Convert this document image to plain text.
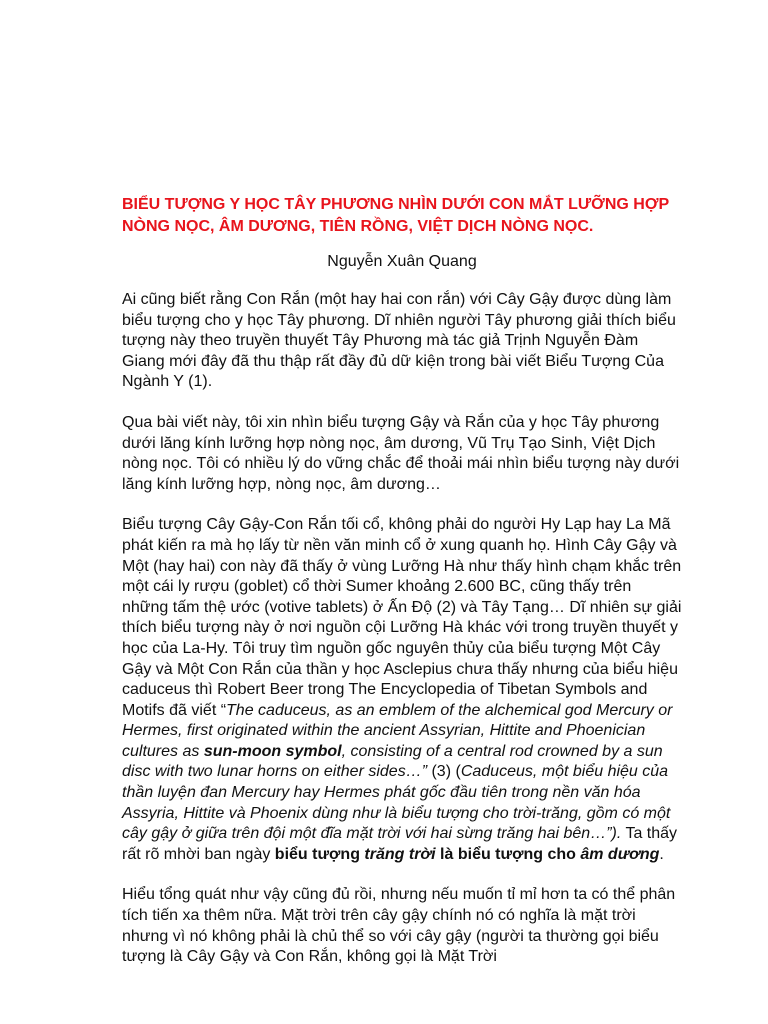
BIỂU TƯỢNG Y HỌC TÂY PHƯƠNG NHÌN DƯỚI CON MẮT LƯỠNG HỢP NÒNG NỌC, ÂM DƯƠNG, TIÊN RỒNG, VIỆT DỊCH NÒNG NỌC.
Nguyễn Xuân Quang
Ai cũng biết rằng Con Rắn (một hay hai con rắn) với Cây Gậy được dùng làm biểu tượng cho y học Tây phương. Dĩ nhiên người Tây phương giải thích biểu tượng này theo truyền thuyết Tây Phương mà tác giả Trịnh Nguyễn Đàm Giang mới đây đã thu thập rất đầy đủ dữ kiện trong bài viết Biểu Tượng Của Ngành Y (1).
Qua bài viết này, tôi xin nhìn biểu tượng Gậy và Rắn của y học Tây phương dưới lăng kính lưỡng hợp nòng nọc, âm dương, Vũ Trụ Tạo Sinh, Việt Dịch nòng nọc. Tôi có nhiều lý do vững chắc để thoải mái nhìn biểu tượng này dưới lăng kính lưỡng hợp, nòng nọc, âm dương…
Biểu tượng Cây Gậy-Con Rắn tối cổ, không phải do người Hy Lạp hay La Mã phát kiến ra mà họ lấy từ nền văn minh cổ ở xung quanh họ. Hình Cây Gậy và Một (hay hai) con này đã thấy ở vùng Lưỡng Hà như thấy hình chạm khắc trên một cái ly rượu (goblet) cổ thời Sumer khoảng 2.600 BC, cũng thấy trên những tấm thệ ước (votive tablets) ở Ấn Độ (2) và Tây Tạng… Dĩ nhiên sự giải thích biểu tượng này ở nơi nguồn cội Lưỡng Hà khác với trong truyền thuyết y học của La-Hy. Tôi truy tìm nguồn gốc nguyên thủy của biểu tượng Một Cây Gậy và Một Con Rắn của thần y học Asclepius chưa thấy nhưng của biểu hiệu caduceus thì Robert Beer trong The Encyclopedia of Tibetan Symbols and Motifs đã viết “The caduceus, as an emblem of the alchemical god Mercury or Hermes, first originated within the ancient Assyrian, Hittite and Phoenician cultures as sun-moon symbol, consisting of a central rod crowned by a sun disc with two lunar horns on either sides…” (3) (Caduceus, một biểu hiệu của thần luyện đan Mercury hay Hermes phát gốc đầu tiên trong nền văn hóa Assyria, Hittite và Phoenix dùng như là biểu tượng cho trời-trăng, gồm có một cây gậy ở giữa trên đội một đĩa mặt trời với hai sừng trăng hai bên…”). Ta thấy rất rõ mhời ban ngày biểu tượng trăng trời là biểu tượng cho âm dương.
Hiểu tổng quát như vậy cũng đủ rồi, nhưng nếu muốn tỉ mỉ hơn ta có thể phân tích tiến xa thêm nữa. Mặt trời trên cây gậy chính nó có nghĩa là mặt trời nhưng vì nó không phải là chủ thể so với cây gậy (người ta thường gọi biểu tượng là Cây Gậy và Con Rắn, không gọi là Mặt Trời
